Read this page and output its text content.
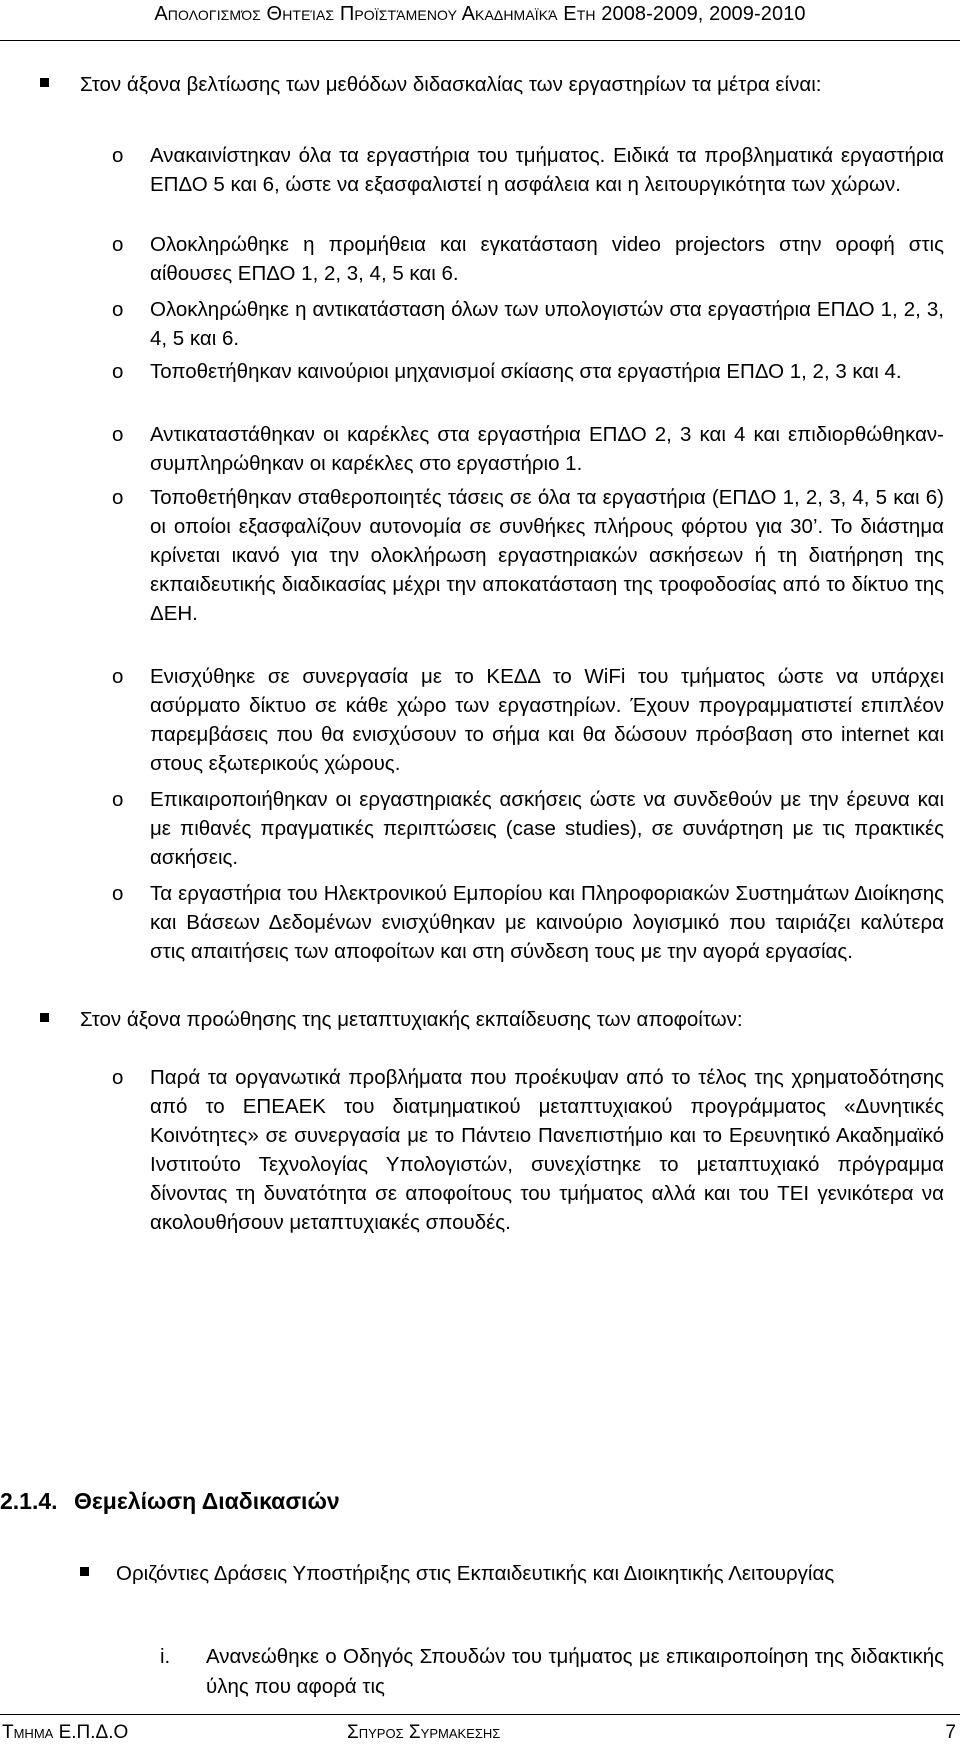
Απολογισμός Θητείας Προϊστάμενου Ακαδημαϊκά Ετη 2008-2009, 2009-2010
Στον άξονα βελτίωσης των μεθόδων διδασκαλίας των εργαστηρίων τα μέτρα είναι:
o Ανακαινίστηκαν όλα τα εργαστήρια του τμήματος. Ειδικά τα προβληματικά εργαστήρια ΕΠΔΟ 5 και 6, ώστε να εξασφαλιστεί η ασφάλεια και η λειτουργικότητα των χώρων.
o Ολοκληρώθηκε η προμήθεια και εγκατάσταση video projectors στην οροφή στις αίθουσες ΕΠΔΟ 1, 2, 3, 4, 5 και 6.
o Ολοκληρώθηκε η αντικατάσταση όλων των υπολογιστών στα εργαστήρια ΕΠΔΟ 1, 2, 3, 4, 5 και 6.
o Τοποθετήθηκαν καινούριοι μηχανισμοί σκίασης στα εργαστήρια ΕΠΔΟ 1, 2, 3 και 4.
o Αντικαταστάθηκαν οι καρέκλες στα εργαστήρια ΕΠΔΟ 2, 3 και 4 και επιδιορθώθηκαν-συμπληρώθηκαν οι καρέκλες στο εργαστήριο 1.
o Τοποθετήθηκαν σταθεροποιητές τάσεις σε όλα τα εργαστήρια (ΕΠΔΟ 1, 2, 3, 4, 5 και 6) οι οποίοι εξασφαλίζουν αυτονομία σε συνθήκες πλήρους φόρτου για 30’. Το διάστημα κρίνεται ικανό για την ολοκλήρωση εργαστηριακών ασκήσεων ή τη διατήρηση της εκπαιδευτικής διαδικασίας μέχρι την αποκατάσταση της τροφοδοσίας από το δίκτυο της ΔΕΗ.
o Ενισχύθηκε σε συνεργασία με το ΚΕΔΔ το WiFi του τμήματος ώστε να υπάρχει ασύρματο δίκτυο σε κάθε χώρο των εργαστηρίων. Έχουν προγραμματιστεί επιπλέον παρεμβάσεις που θα ενισχύσουν το σήμα και θα δώσουν πρόσβαση στο internet και στους εξωτερικούς χώρους.
o Επικαιροποιήθηκαν οι εργαστηριακές ασκήσεις ώστε να συνδεθούν με την έρευνα και με πιθανές πραγματικές περιπτώσεις (case studies), σε συνάρτηση με τις πρακτικές ασκήσεις.
o Τα εργαστήρια του Ηλεκτρονικού Εμπορίου και Πληροφοριακών Συστημάτων Διοίκησης και Βάσεων Δεδομένων ενισχύθηκαν με καινούριο λογισμικό που ταιριάζει καλύτερα στις απαιτήσεις των αποφοίτων και στη σύνδεση τους με την αγορά εργασίας.
Στον άξονα προώθησης της μεταπτυχιακής εκπαίδευσης των αποφοίτων:
o Παρά τα οργανωτικά προβλήματα που προέκυψαν από το τέλος της χρηματοδότησης από το ΕΠΕΑΕΚ του διατμηματικού μεταπτυχιακού προγράμματος «Δυνητικές Κοινότητες» σε συνεργασία με το Πάντειο Πανεπιστήμιο και το Ερευνητικό Ακαδημαϊκό Ινστιτούτο Τεχνολογίας Υπολογιστών, συνεχίστηκε το μεταπτυχιακό πρόγραμμα δίνοντας τη δυνατότητα σε αποφοίτους του τμήματος αλλά και του ΤΕΙ γενικότερα να ακολουθήσουν μεταπτυχιακές σπουδές.
2.1.4. Θεμελίωση Διαδικασιών
Οριζόντιες Δράσεις Υποστήριξης στις Εκπαιδευτικής και Διοικητικής Λειτουργίας
i. Ανανεώθηκε ο Οδηγός Σπουδών του τμήματος με επικαιροποίηση της διδακτικής ύλης που αφορά τις
Τμημα Ε.Π.Δ.Ο	Σπυρος Συρμακεσης	7
